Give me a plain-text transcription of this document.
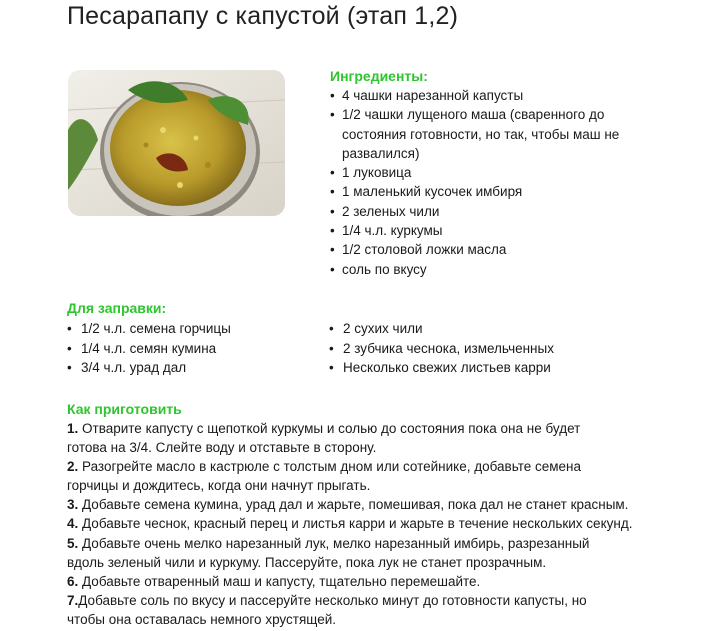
Песарапапу с капустой (этап 1,2)
Ингредиенты:
• 4 чашки нарезанной капусты
• 1/2 чашки лущеного маша (сваренного до
состояния готовности, но так, чтобы маш не
развалился)
• 1 луковица
• 1 маленький кусочек имбиря
• 2 зеленых чили
• 1/4 ч.л. куркумы
• 1/2 столовой ложки масла
• соль по вкусу
Для заправки:
• 1/2 ч.л. семена горчицы
• 1/4 ч.л. семян кумина
• 3/4 ч.л. урад дал
• 2 сухих чили
• 2 зубчика чеснока, измельченных
• Несколько свежих листьев карри
Как приготовить

1. Отварите капусту с щепоткой куркумы и солью до состояния пока она не будет

готова на 3/4. Слейте воду и отставьте в сторону.

2. Разогрейте масло в кастрюле с толстым дном или сотейнике, добавьте семена

горчицы и дождитесь, когда они начнут прыгать.

3. Добавьте семена кумина, урад дал и жарьте, помешивая, пока дал не станет красным.

4. Добавьте чеснок, красный перец и листья карри и жарьте в течение нескольких секунд.

5. Добавьте очень мелко нарезанный лук, мелко нарезанный имбирь, разрезанный

вдоль зеленый чили и куркуму. Пассеруйте, пока лук не станет прозрачным.

6. Добавьте отваренный маш и капусту, тщательно перемешайте.

7.Добавьте соль по вкусу и пассеруйте несколько минут до готовности капусты, но

чтобы она оставалась немного хрустящей.
